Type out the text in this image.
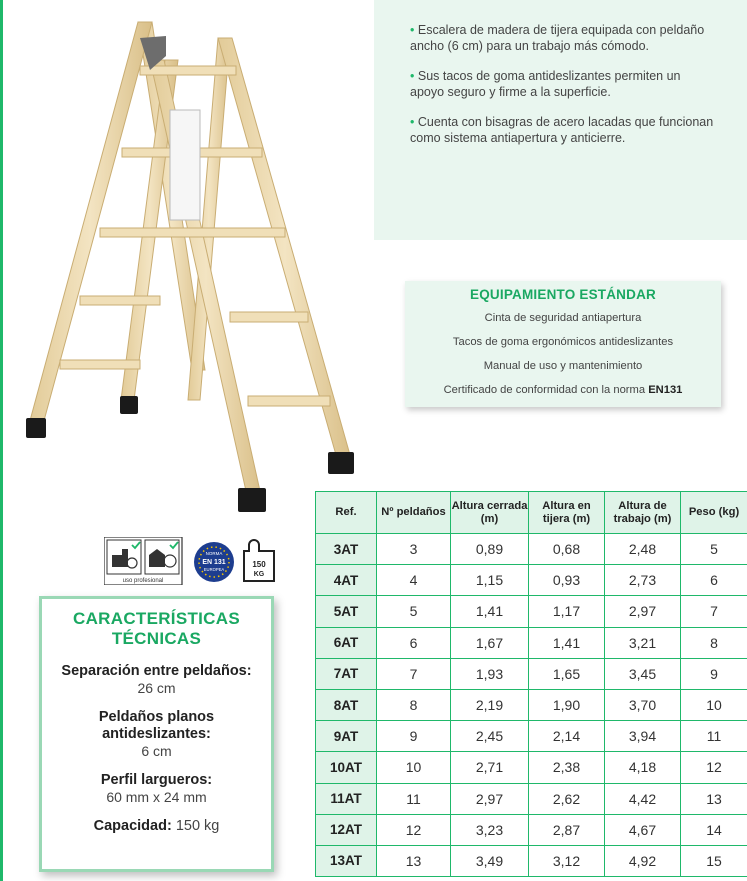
• Escalera de madera de tijera equipada con peldaño ancho (6 cm) para un trabajo más cómodo.

• Sus tacos de goma antideslizantes permiten un apoyo seguro y firme a la superficie.

• Cuenta con bisagras de acero lacadas que funcionan como sistema antiapertura y anticierre.

EQUIPAMIENTO ESTÁNDAR
Cinta de seguridad antiapertura
Tacos de goma ergonómicos antideslizantes
Manual de uso y mantenimiento
Certificado de conformidad con la norma EN131
uso profesional
NORMA
EN 131
EUROPEA
150
KG
CARACTERÍSTICAS
TÉCNICAS
Separación entre peldaños:
26 cm
Peldaños planos
antideslizantes:
6 cm
Perfil largueros:
60 mm x 24 mm
Capacidad: 150 kg
Ref.	Nº peldaños	Altura cerrada (m)	Altura en tijera (m)	Altura de trabajo (m)	Peso (kg)
3AT	3	0,89	0,68	2,48	5
4AT	4	1,15	0,93	2,73	6
5AT	5	1,41	1,17	2,97	7
6AT	6	1,67	1,41	3,21	8
7AT	7	1,93	1,65	3,45	9
8AT	8	2,19	1,90	3,70	10
9AT	9	2,45	2,14	3,94	11
10AT	10	2,71	2,38	4,18	12
11AT	11	2,97	2,62	4,42	13
12AT	12	3,23	2,87	4,67	14
13AT	13	3,49	3,12	4,92	15
